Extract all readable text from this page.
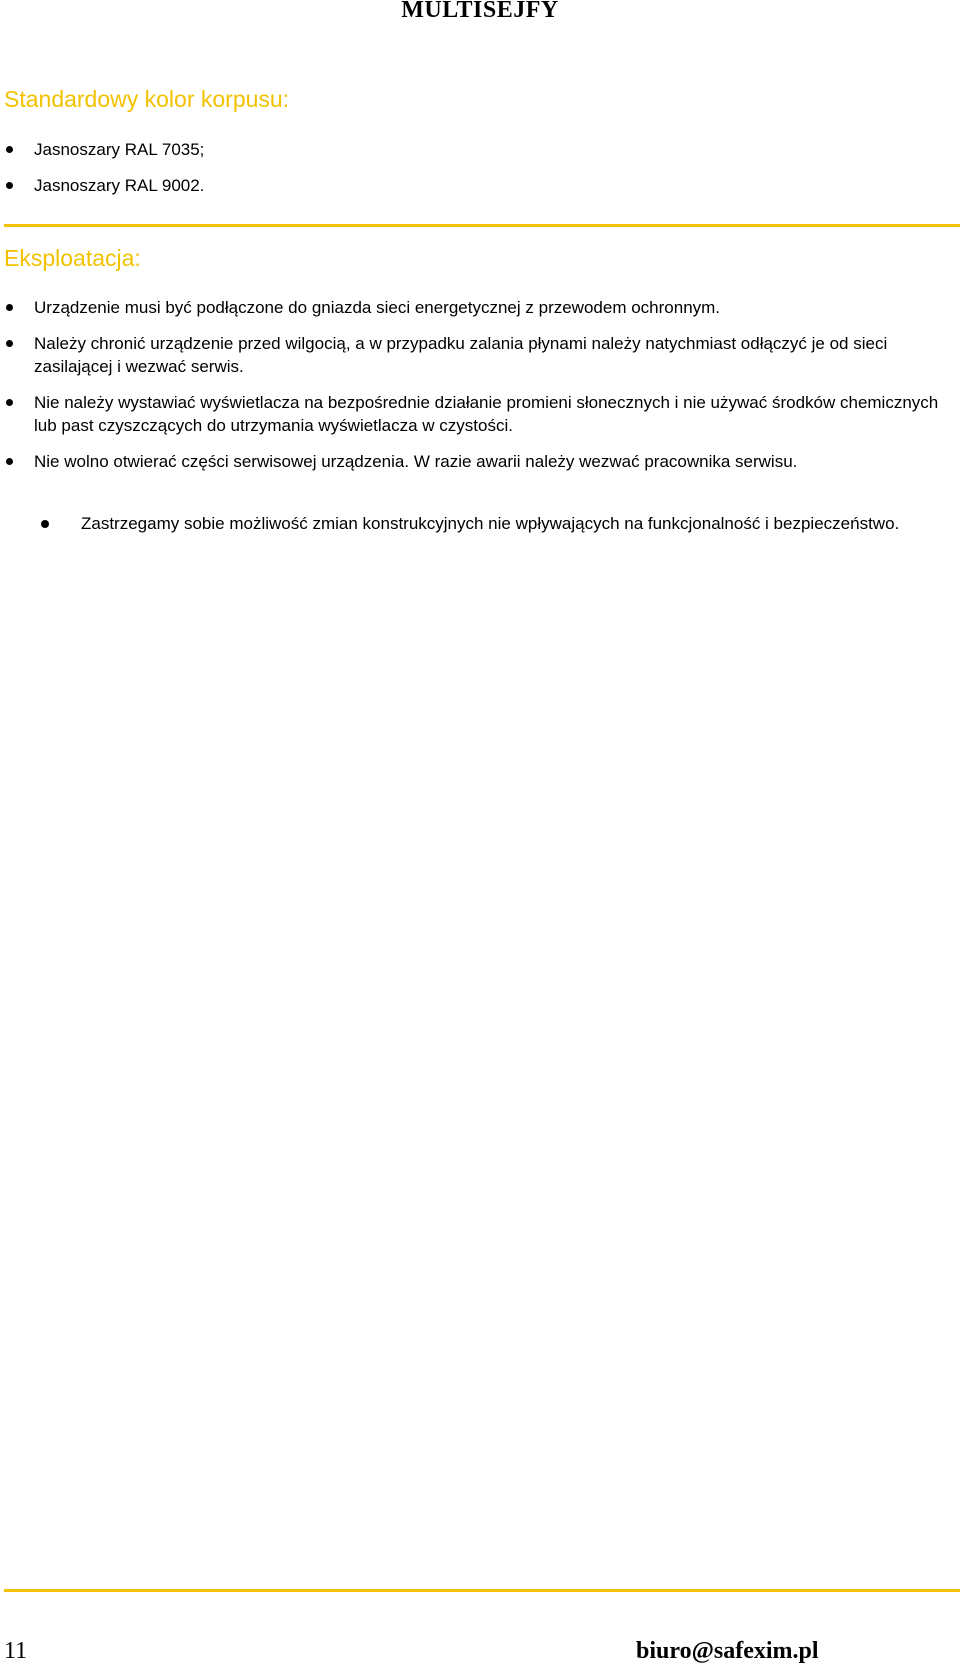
MULTISEJFY
Standardowy kolor korpusu:
Jasnoszary RAL 7035;
Jasnoszary RAL 9002.
Eksploatacja:
Urządzenie musi być podłączone do gniazda sieci energetycznej z przewodem ochronnym.
Należy chronić urządzenie przed wilgocią, a w przypadku zalania płynami należy natychmiast odłączyć je od sieci zasilającej i wezwać serwis.
Nie należy wystawiać wyświetlacza na bezpośrednie działanie promieni słonecznych i nie używać środków chemicznych lub past czyszczących do utrzymania wyświetlacza w czystości.
Nie wolno otwierać części serwisowej urządzenia. W razie awarii należy wezwać pracownika serwisu.
Zastrzegamy sobie możliwość zmian konstrukcyjnych nie wpływających na funkcjonalność i bezpieczeństwo.
11	biuro@safexim.pl
